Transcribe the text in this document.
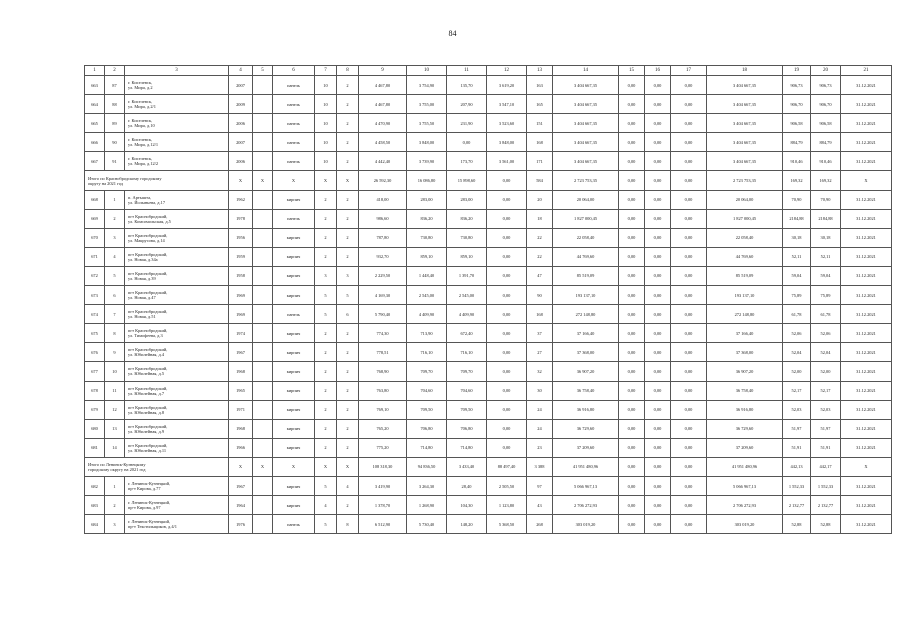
84
1	2	3	4	5	6	7	8	9	10	11	12	13	14	15	16	17	18	19	20	21
663	87	г. Киселевск,
ул. Мира, д.2	2007		панель	10	2	4 467,80	3 754,90	135,70	3 619,20	163	3 404 667,35	0,00	0,00	0,00	3 404 667,35	906,73	906,73	31.12.2021
664	88	г. Киселевск,
ул. Мира, д.2/1	2009		панель	10	2	4 467,80	3 755,00	207,90	3 547,10	165	3 404 667,35	0,00	0,00	0,00	3 404 667,35	906,70	906,70	31.12.2021
665	89	г. Киселевск,
ул. Мира, д.10	2006		панель	10	2	4 470,90	3 755,50	231,90	3 523,60	151	3 404 667,35	0,00	0,00	0,00	3 404 667,35	906,58	906,58	31.12.2021
666	90	г. Киселевск,
ул. Мира, д.12/1	2007		панель	10	2	4 458,50	3 848,00	0,00	3 848,00	168	3 404 667,35	0,00	0,00	0,00	3 404 667,35	884,79	884,79	31.12.2021
667	91	г. Киселевск,
ул. Мира, д.12/2	2006		панель	10	2	4 442,40	3 739,90	173,70	3 561,00	171	3 404 667,35	0,00	0,00	0,00	3 404 667,35	910,46	910,46	31.12.2021
Итого по Краснобродскому городскому
округу на 2021 год			X	X	X	X	X	26 592,30	16 086,80	15 898,60	0,00	584	2 723 753,35	0,00	0,00	0,00	2 723 753,35	169,32	169,32	X
668	1	п. Артышта,
ул. Йолыньева, д.17	1962		кирпич	2	2	418,00	283,00	283,00	0,00	20	20 064,00	0,00	0,00	0,00	20 064,00	70,90	70,90	31.12.2021
669	2	пгт Краснобродский,
ул. Комсомольская, д.5	1978		панель	2	2	986,60	836,20	836,20	0,00	18	1 827 000,45	0,00	0,00	0,00	1 827 000,45	2184,88	2184,88	31.12.2021
670	3	пгт Краснобродский,
ул. Макрусова, д.14	1956		кирпич	2	2	787,80	730,80	730,80	0,00	22	22 058,40	0,00	0,00	0,00	22 058,40	30,18	30,18	31.12.2021
671	4	пгт Краснобродский,
ул. Новая, д.34а	1959		кирпич	2	2	932,70	859,10	859,10	0,00	22	44 769,60	0,00	0,00	0,00	44 769,60	52,11	52,11	31.12.2021
672	5	пгт Краснобродский,
ул. Новая, д.39	1958		кирпич	3	3	2 229,50	1 448,40	1 391,70	0,00	47	85 519,09	0,00	0,00	0,00	85 519,09	59,04	59,04	31.12.2021
673	6	пгт Краснобродский,
ул. Новая, д.47	1969		кирпич	5	5	4 169,30	2 545,00	2 545,00	0,00	90	193 137,10	0,00	0,00	0,00	193 137,10	75,89	75,89	31.12.2021
674	7	пгт Краснобродский,
ул. Новая, д.51	1969		панель	5	6	5 790,40	4 409,90	4 409,90	0,00	168	272 148,80	0,00	0,00	0,00	272 148,80	61,78	61,78	31.12.2021
675	8	пгт Краснобродский,
ул. Тимофеева, д.3	1974		кирпич	2	2	774,30	713,90	672,40	0,00	37	37 166,40	0,00	0,00	0,00	37 166,40	52,06	52,06	31.12.2021
676	9	пгт Краснобродский,
ул. Юбилейная, д.4	1967		кирпич	2	2	778,51	716,10	716,10	0,00	27	37 368,00	0,00	0,00	0,00	37 368,00	52,04	52,04	31.12.2021
677	10	пгт Краснобродский,
ул. Юбилейная, д.5	1968		кирпич	2	2	768,90	709,70	709,70	0,00	32	36 907,20	0,00	0,00	0,00	36 907,20	52,00	52,00	31.12.2021
678	11	пгт Краснобродский,
ул. Юбилейная, д.7	1965		кирпич	2	2	763,80	704,60	704,60	0,00	30	36 758,40	0,00	0,00	0,00	36 758,40	52,17	52,17	31.12.2021
679	12	пгт Краснобродский,
ул. Юбилейная, д.8	1971		кирпич	2	2	769,10	709,50	709,50	0,00	24	36 916,80	0,00	0,00	0,00	36 916,80	52,03	52,03	31.12.2021
680	13	пгт Краснобродский,
ул. Юбилейная, д.9	1968		кирпич	2	2	765,20	706,80	706,80	0,00	24	36 729,60	0,00	0,00	0,00	36 729,60	51,97	51,97	31.12.2021
681	14	пгт Краснобродский,
ул. Юбилейная, д.11	1966		кирпич	2	2	775,20	714,80	714,80	0,00	23	37 209,60	0,00	0,00	0,00	37 209,60	51,91	51,91	31.12.2021
Итого по Ленинск-Кузнецкому
городскому округу на 2021 год			X	X	X	X	X	108 318,30	94 836,50	3 433,40	88 497,40	3 388	41 951 480,96	0,00	0,00	0,00	41 951 480,96	442,13	442,17	X
682	1	г. Ленинск-Кузнецкий,
пр-т Кирова, д.77	1967		кирпич	5	4	3 419,90	3 264,30	28,40	2 505,50	97	5 066 967,13	0,00	0,00	0,00	5 066 967,13	1 552,33	1 552,33	31.12.2021
683	2	г. Ленинск-Кузнецкий,
пр-т Кирова, д.97	1964		кирпич	4	2	1 378,70	1 268,90	104,30	1 123,80	43	2 706 272,93	0,00	0,00	0,00	2 706 272,93	2 132,77	2 132,77	31.12.2021
684	3	г. Ленинск-Кузнецкий,
пр-т Текстильщиков, д.4/1	1976		панель	5	8	6 512,90	5 730,40	148,20	5 368,50	268	303 019,20	0,00	0,00	0,00	303 019,20	52,88	52,88	31.12.2021
